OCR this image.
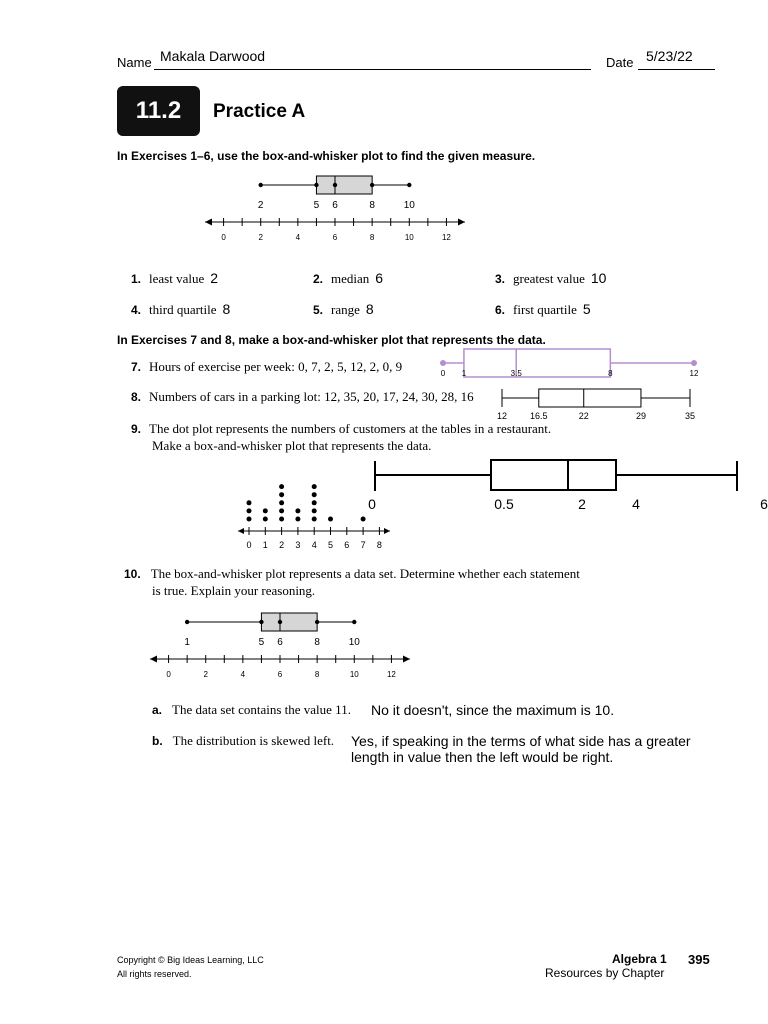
Name Makala Darwood	Date 5/23/22
11.2	Practice A
In Exercises 1–6, use the box-and-whisker plot to find the given measure.
2	5 6	8	10
0	2	4	6	8	10	12
1. least value 2	2. median 6	3. greatest value 10
4. third quartile 8	5. range 8	6. first quartile 5
In Exercises 7 and 8, make a box-and-whisker plot that represents the data.
7. Hours of exercise per week: 0, 7, 2, 5, 12, 2, 0, 9	0 1	3.5	8	12
8. Numbers of cars in a parking lot: 12, 35, 20, 17, 24, 30, 28, 16
12	16.5	22	29	35
9. The dot plot represents the numbers of customers at the tables in a restaurant.
Make a box-and-whisker plot that represents the data.
0 1 2 3 4 5 6 7 8
0	0.5	2	4	6
10. The box-and-whisker plot represents a data set. Determine whether each statement
is true. Explain your reasoning.
1	5 6	8	10
0	2	4	6	8	10	12
a. The data set contains the value 11. No it doesn't, since the maximum is 10.
b. The distribution is skewed left. Yes, if speaking in the terms of what side has a greater
length in value then the left would be right.
Copyright © Big Ideas Learning, LLC
All rights reserved.
Algebra 1 395
Resources by Chapter
